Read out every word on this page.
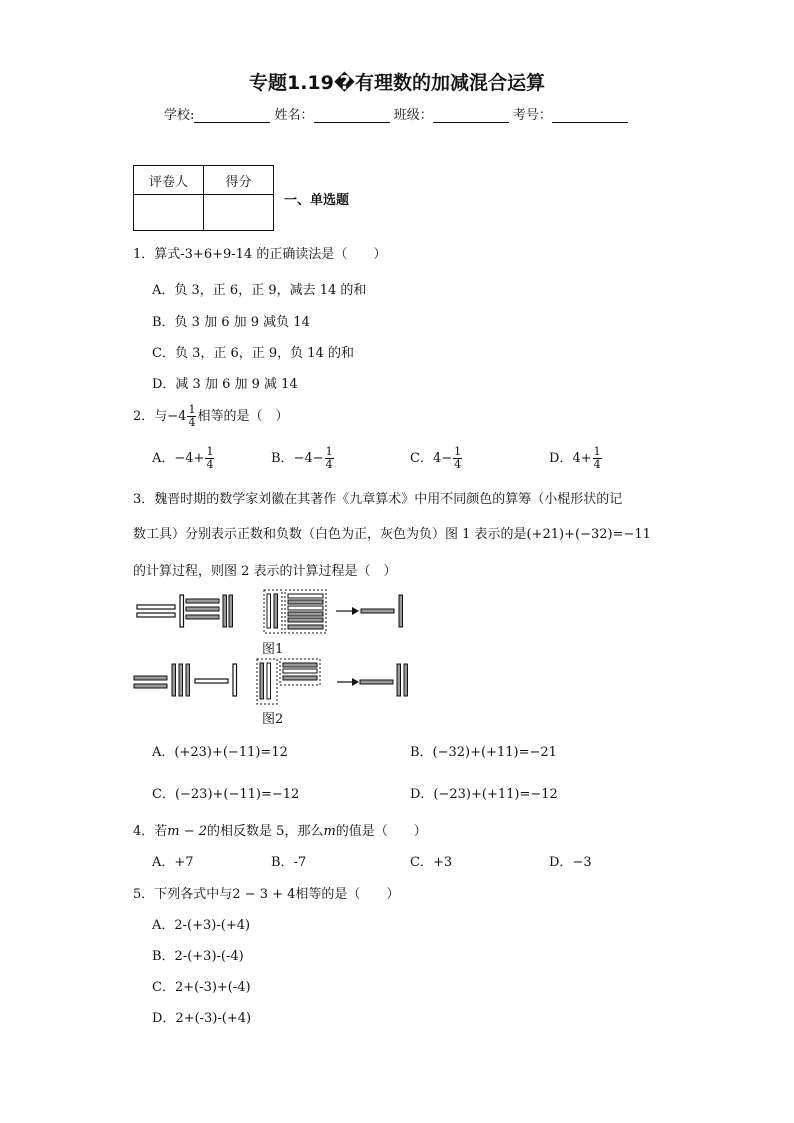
专题1.19�有理数的加减混合运算
学校:	姓名：	班级：	考号：
评卷人	得分

一、单选题
1．算式-3+6+9-14 的正确读法是（　　）
A．负 3，正 6，正 9，减去 14 的和
B．负 3 加 6 加 9 减负 14
C．负 3，正 6，正 9，负 14 的和
D．减 3 加 6 加 9 减 14
2．与$-4 \frac{1}{4}$ 相等的是（　）
A．$-4+ \frac{1}{4}$	B．$-4- \frac{1}{4}$	C．$4- \frac{1}{4}$	D．$4+ \frac{1}{4}$
3．魏晋时期的数学家刘徽在其著作《九章算术》中用不同颜色的算筹（小棍形状的记
数工具）分别表示正数和负数（白色为正，灰色为负）图 1 表示的是(+21)+(−32)=−11
的计算过程，则图 2 表示的计算过程是（　）
图1
图2
A．(+23)+(−11)=12	B．(−32)+(+11)=−21
C．(−23)+(−11)=−12	D．(−23)+(+11)=−12
4．若m − 2的相反数是 5，那么m的值是（　　）
A．+7	B．-7	C．+3	D．−3
5．下列各式中与2 − 3 + 4相等的是（　　）
A．2-(+3)-(+4)
B．2-(+3)-(-4)
C．2+(-3)+(-4)
D．2+(-3)-(+4)
